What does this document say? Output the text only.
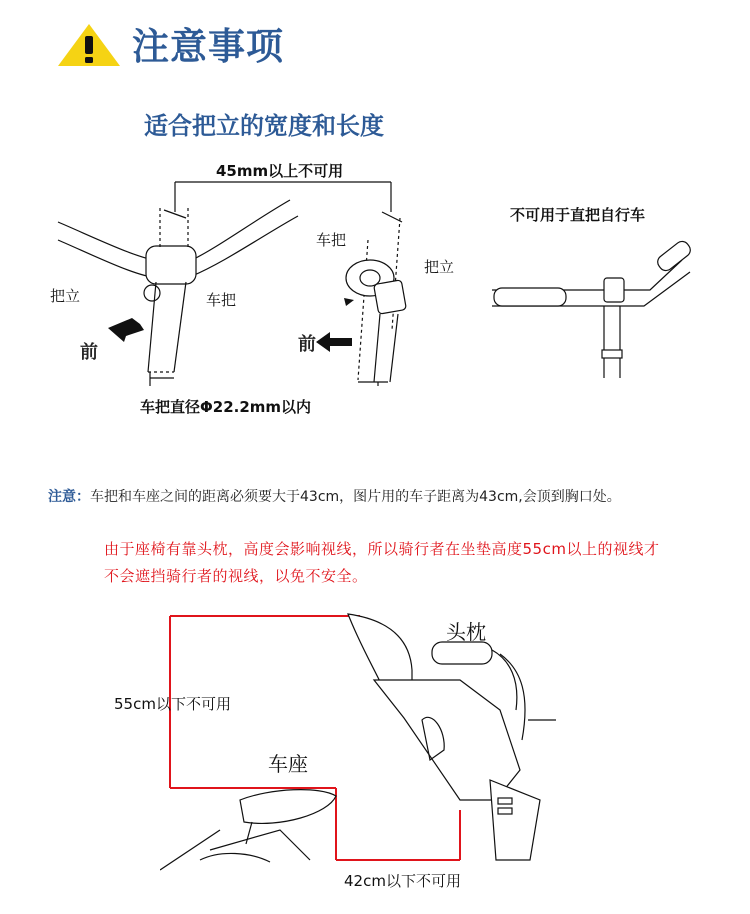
注意事项
适合把立的宽度和长度
45mm以上不可用
把立	车把
前
车把
把立
前
车把直径Φ22.2mm以内
不可用于直把自行车
注意：车把和车座之间的距离必须要大于43cm，图片用的车子距离为43cm,会顶到胸口处。
由于座椅有靠头枕，高度会影响视线，所以骑行者在坐垫高度55cm以上的视线才不会遮挡骑行者的视线，以免不安全。
头枕
55cm以下不可用
车座
42cm以下不可用
